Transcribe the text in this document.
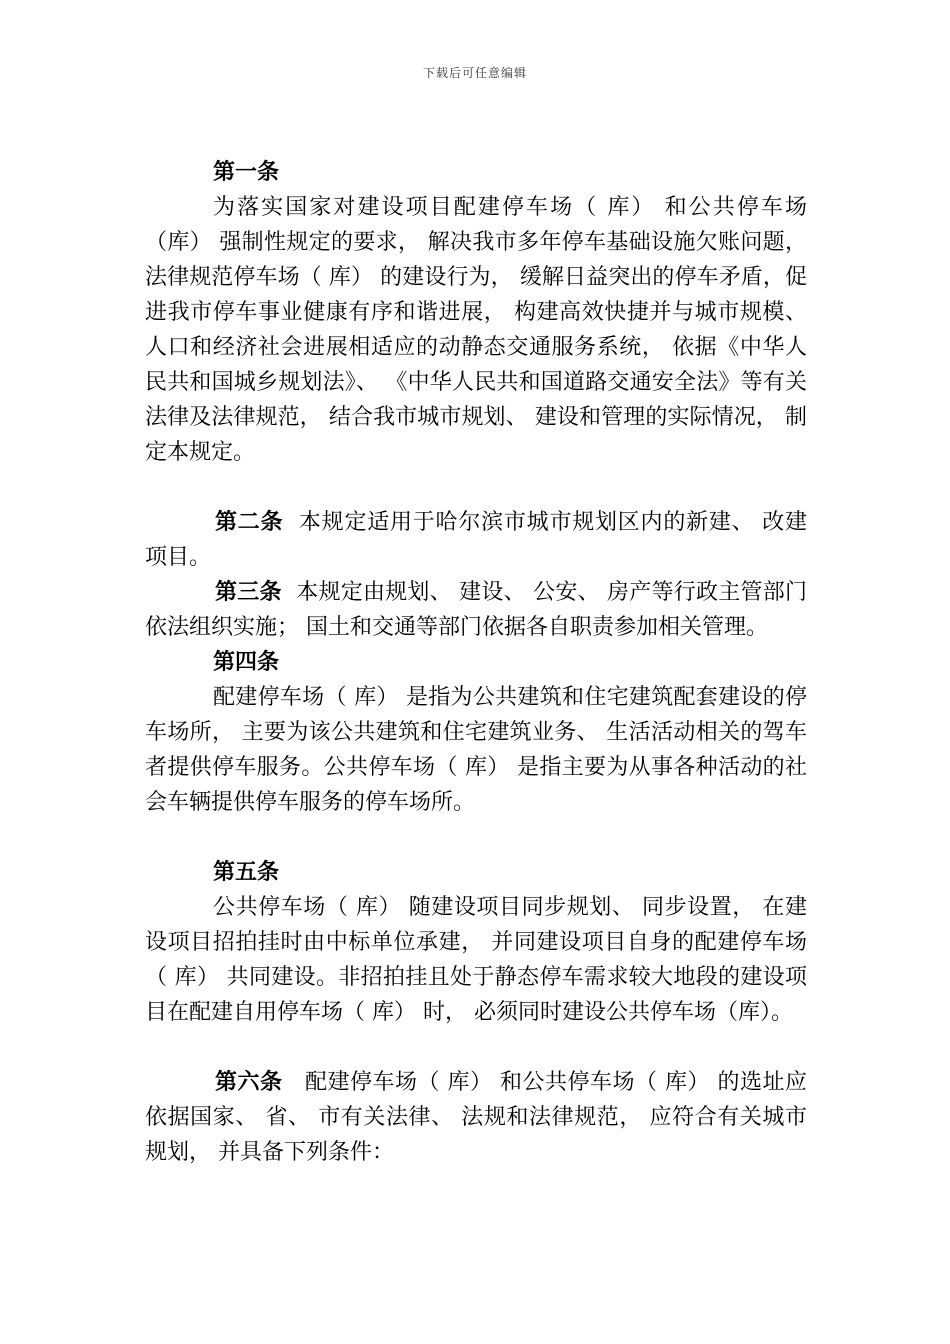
下载后可任意编辑
第一条
为落实国家对建设项目配建停车场（ 库） 和公共停车场（库） 强制性规定的要求， 解决我市多年停车基础设施欠账问题，法律规范停车场（ 库） 的建设行为， 缓解日益突出的停车矛盾，促进我市停车事业健康有序和谐进展， 构建高效快捷并与城市规模、 人口和经济社会进展相适应的动静态交通服务系统， 依据《中华人民共和国城乡规划法》、 《中华人民共和国道路交通安全法》等有关法律及法律规范， 结合我市城市规划、 建设和管理的实际情况， 制定本规定。
第二条 本规定适用于哈尔滨市城市规划区内的新建、 改建项目。
第三条 本规定由规划、 建设、 公安、 房产等行政主管部门依法组织实施； 国土和交通等部门依据各自职责参加相关管理。
第四条
配建停车场（ 库） 是指为公共建筑和住宅建筑配套建设的停车场所， 主要为该公共建筑和住宅建筑业务、 生活活动相关的驾车者提供停车服务。公共停车场（ 库） 是指主要为从事各种活动的社会车辆提供停车服务的停车场所。
第五条
公共停车场（ 库） 随建设项目同步规划、 同步设置， 在建设项目招拍挂时由中标单位承建， 并同建设项目自身的配建停车场（ 库） 共同建设。非招拍挂且处于静态停车需求较大地段的建设项目在配建自用停车场（ 库） 时， 必须同时建设公共停车场（库）。
第六条 配建停车场（ 库） 和公共停车场（ 库） 的选址应依据国家、 省、 市有关法律、 法规和法律规范， 应符合有关城市规划， 并具备下列条件：
